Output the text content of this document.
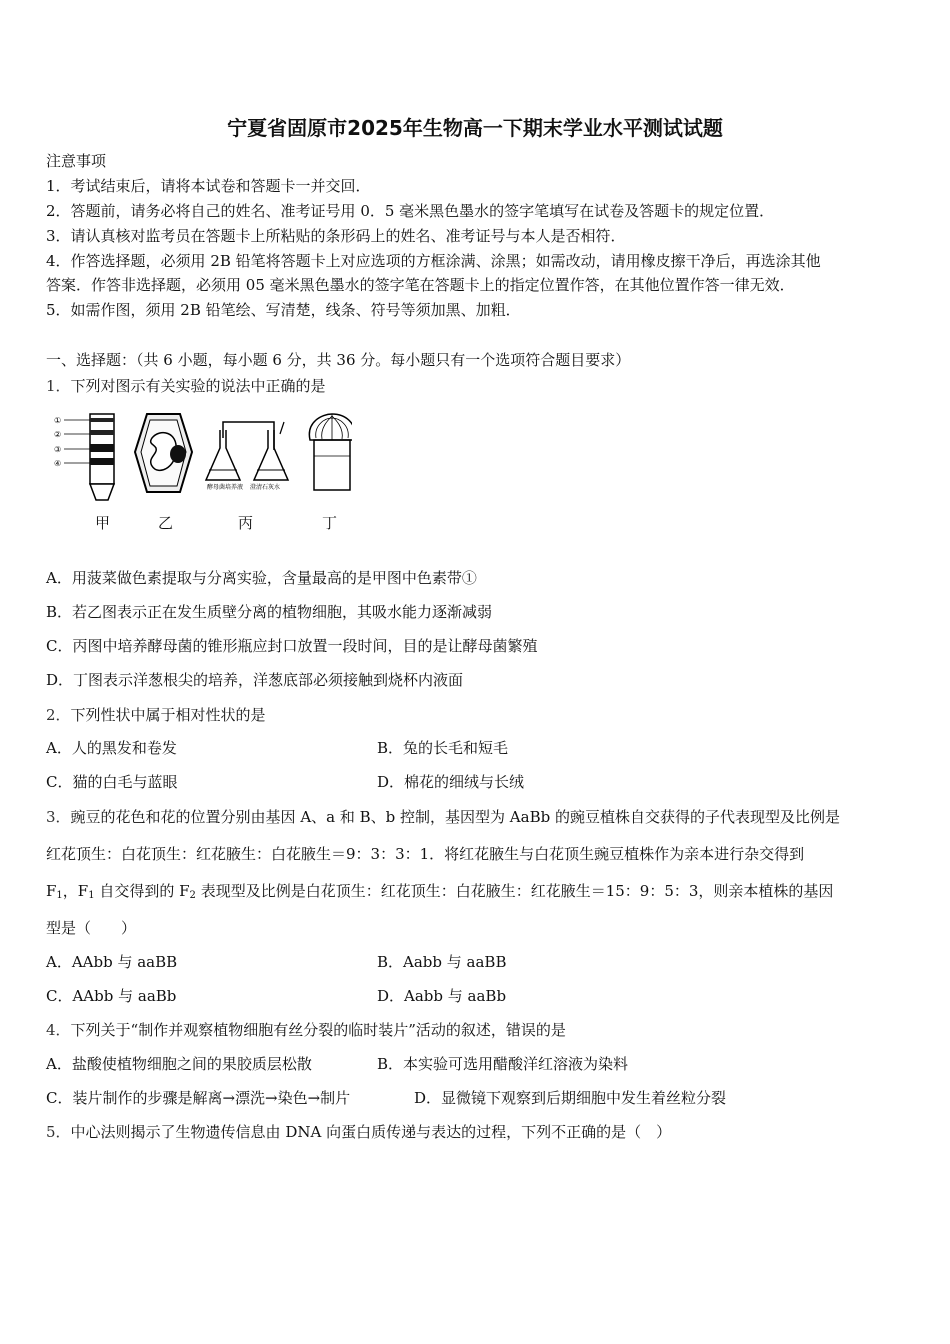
宁夏省固原市2025年生物高一下期末学业水平测试试题
注意事项
1．考试结束后，请将本试卷和答题卡一并交回．
2．答题前，请务必将自己的姓名、准考证号用 0．5 毫米黑色墨水的签字笔填写在试卷及答题卡的规定位置．
3．请认真核对监考员在答题卡上所粘贴的条形码上的姓名、准考证号与本人是否相符．
4．作答选择题，必须用 2B 铅笔将答题卡上对应选项的方框涂满、涂黑；如需改动，请用橡皮擦干净后，再选涂其他
答案．作答非选择题，必须用 05 毫米黑色墨水的签字笔在答题卡上的指定位置作答，在其他位置作答一律无效．
5．如需作图，须用 2B 铅笔绘、写清楚，线条、符号等须加黑、加粗．
一、选择题：（共 6 小题，每小题 6 分，共 36 分。每小题只有一个选项符合题目要求）
1．下列对图示有关实验的说法中正确的是
①
②
③
④
酵母菌培养液 澄清石灰水
甲	乙	丙	丁
A．用菠菜做色素提取与分离实验，含量最高的是甲图中色素带①
B．若乙图表示正在发生质壁分离的植物细胞，其吸水能力逐渐减弱
C．丙图中培养酵母菌的锥形瓶应封口放置一段时间，目的是让酵母菌繁殖
D．丁图表示洋葱根尖的培养，洋葱底部必须接触到烧杯内液面
2．下列性状中属于相对性状的是
A．人的黑发和卷发	B．兔的长毛和短毛
C．猫的白毛与蓝眼	D．棉花的细绒与长绒
3．豌豆的花色和花的位置分别由基因 A、a 和 B、b 控制，基因型为 AaBb 的豌豆植株自交获得的子代表现型及比例是
红花顶生：白花顶生：红花腋生：白花腋生＝9：3：3：1．将红花腋生与白花顶生豌豆植株作为亲本进行杂交得到
$F_1$，$F_1$ 自交得到的 $F_2$ 表现型及比例是白花顶生：红花顶生：白花腋生：红花腋生＝15：9：5：3，则亲本植株的基因
型是（　　）
A．AAbb 与 aaBB	B．Aabb 与 aaBB
C．AAbb 与 aaBb	D．Aabb 与 aaBb
4．下列关于“制作并观察植物细胞有丝分裂的临时装片”活动的叙述，错误的是
A．盐酸使植物细胞之间的果胶质层松散	B．本实验可选用醋酸洋红溶液为染料
C．装片制作的步骤是解离→漂洗→染色→制片	D．显微镜下观察到后期细胞中发生着丝粒分裂
5．中心法则揭示了生物遗传信息由 DNA 向蛋白质传递与表达的过程，下列不正确的是（　）
